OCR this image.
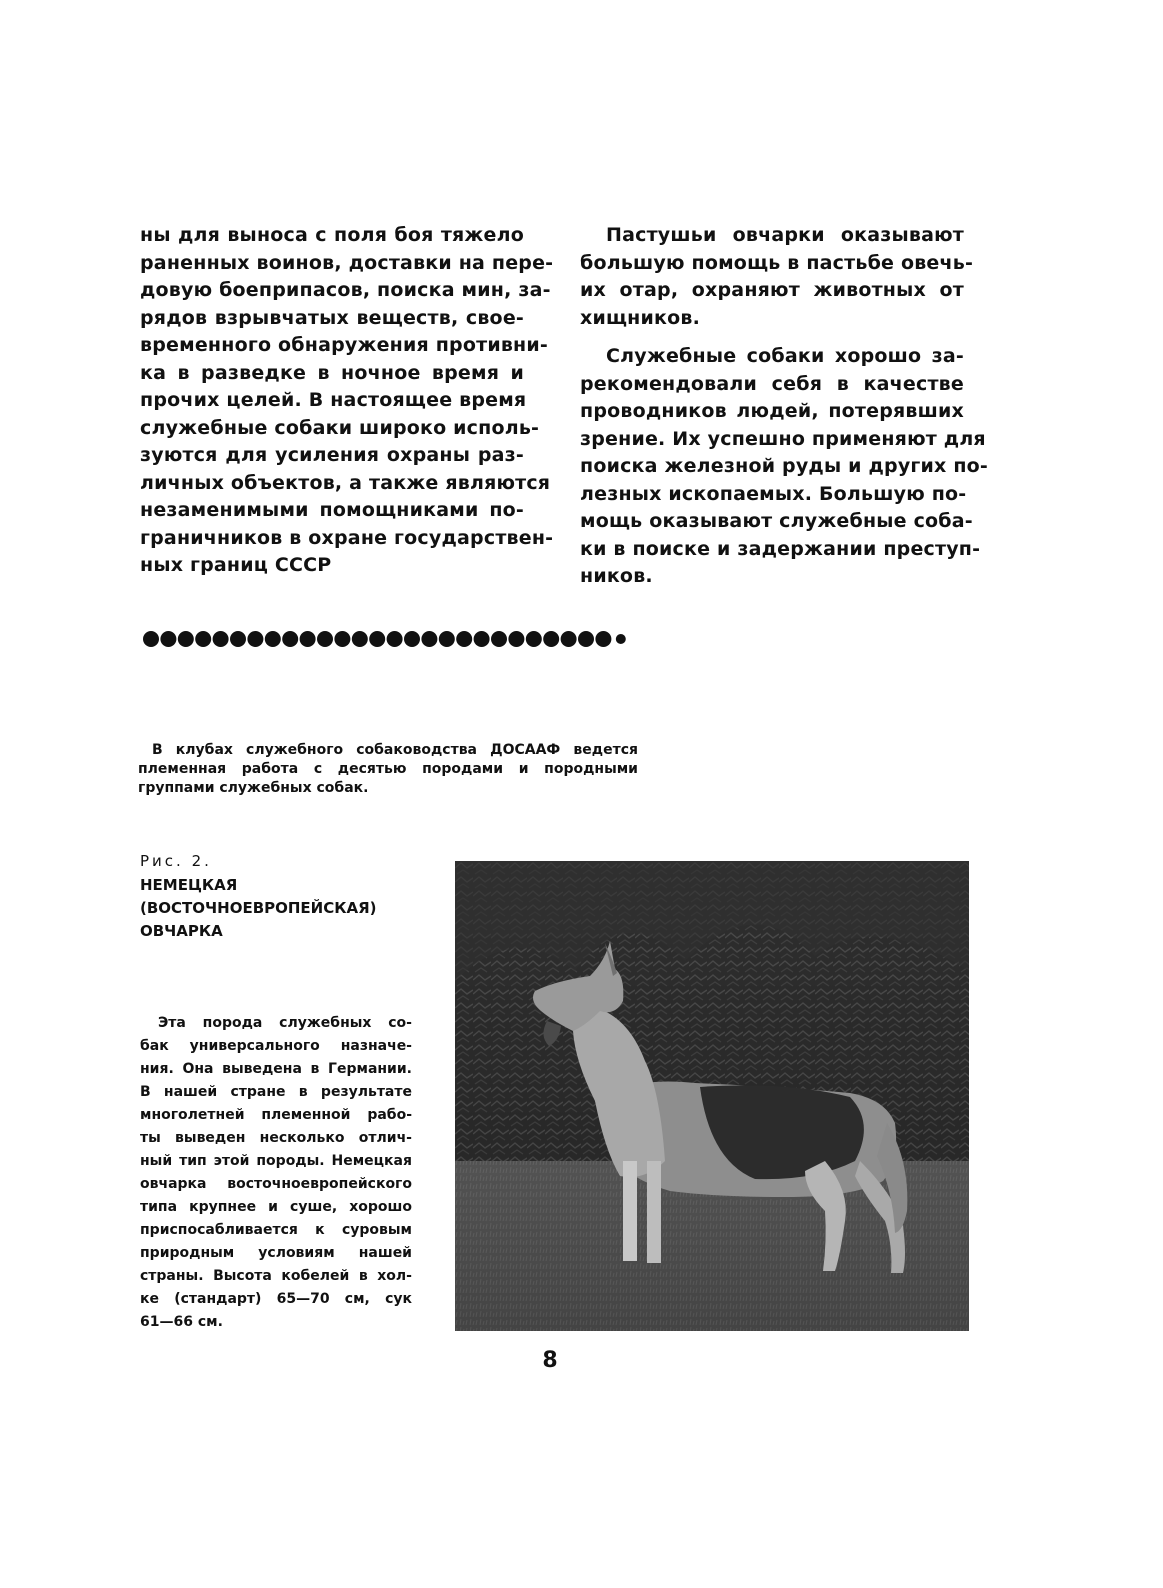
ны для выноса с поля боя тяжело
раненных воинов, доставки на пере-
довую боеприпасов, поиска мин, за-
рядов взрывчатых веществ, свое-
временного обнаружения противни-
ка в разведке в ночное время и
прочих целей. В настоящее время
служебные собаки широко исполь-
зуются для усиления охраны раз-
личных объектов, а также являются
незаменимыми помощниками по-
граничников в охране государствен-
ных границ СССР
Пастушьи овчарки оказывают
большую помощь в пастьбе овечь-
их отар, охраняют животных от
хищников.
Служебные собаки хорошо за-
рекомендовали себя в качестве
проводников людей, потерявших
зрение. Их успешно применяют для
поиска железной руды и других по-
лезных ископаемых. Большую по-
мощь оказывают служебные соба-
ки в поиске и задержании преступ-
ников.
В клубах служебного собаководства ДОСААФ ведется
племенная работа с десятью породами и породными
группами служебных собак.
Рис. 2.
НЕМЕЦКАЯ
(ВОСТОЧНОЕВРОПЕЙСКАЯ)
ОВЧАРКА
Эта порода служебных со-
бак универсального назначе-
ния. Она выведена в Германии.
В нашей стране в результате
многолетней племенной рабо-
ты выведен несколько отлич-
ный тип этой породы. Немецкая
овчарка восточноевропейского
типа крупнее и суше, хорошо
приспосабливается к суровым
природным условиям нашей
страны. Высота кобелей в хол-
ке (стандарт) 65—70 см, сук
61—66 см.
8
